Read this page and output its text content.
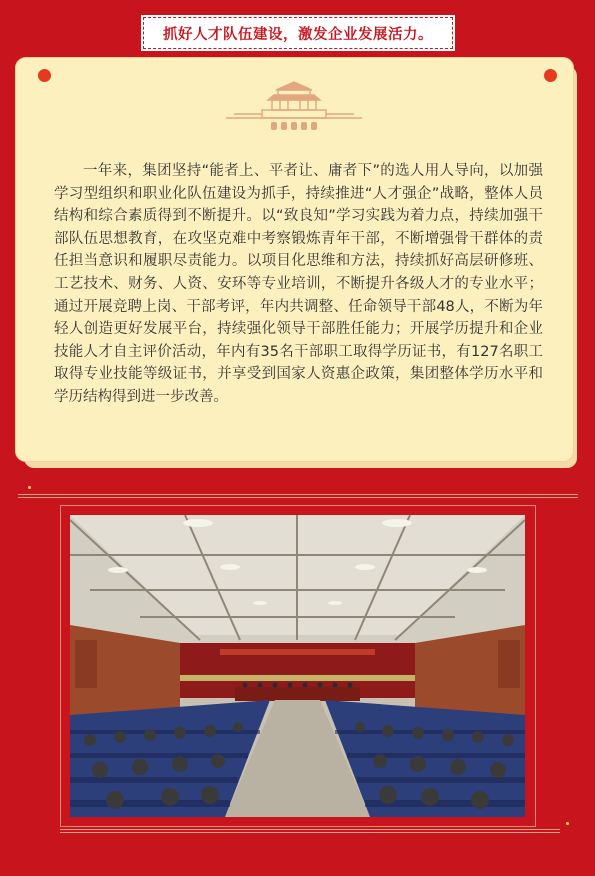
抓好人才队伍建设，激发企业发展活力。

一年来，集团坚持“能者上、平者让、庸者下”的选人用人导向，以加强学习型组织和职业化队伍建设为抓手，持续推进“人才强企”战略，整体人员结构和综合素质得到不断提升。以“致良知”学习实践为着力点，持续加强干部队伍思想教育，在攻坚克难中考察锻炼青年干部，不断增强骨干群体的责任担当意识和履职尽责能力。以项目化思维和方法，持续抓好高层研修班、工艺技术、财务、人资、安环等专业培训，不断提升各级人才的专业水平；通过开展竞聘上岗、干部考评，年内共调整、任命领导干部48人，不断为年轻人创造更好发展平台，持续强化领导干部胜任能力；开展学历提升和企业技能人才自主评价活动，年内有35名干部职工取得学历证书，有127名职工取得专业技能等级证书，并享受到国家人资惠企政策，集团整体学历水平和学历结构得到进一步改善。
